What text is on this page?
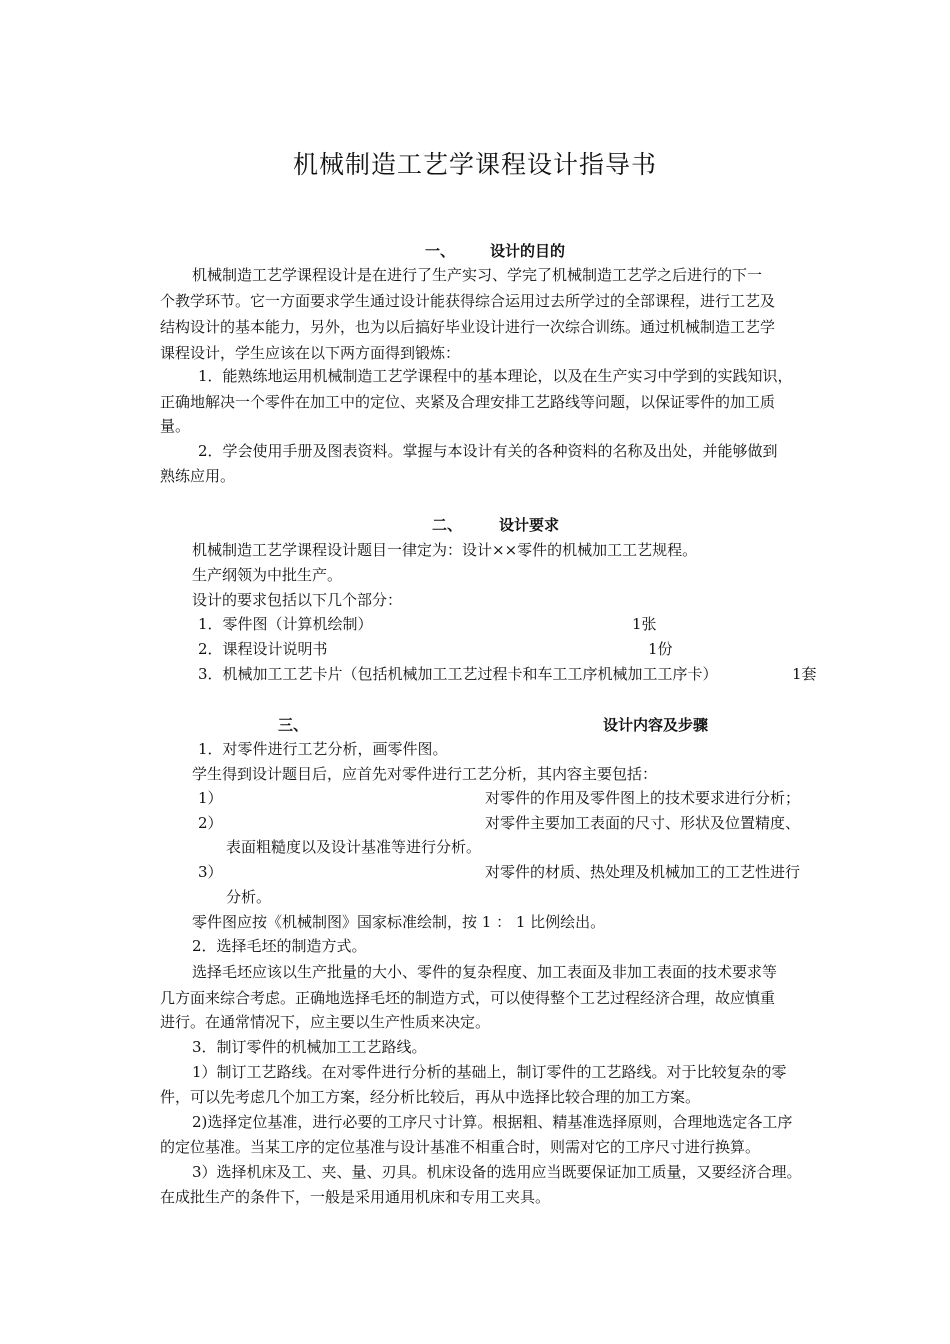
机械制造工艺学课程设计指导书
一、 设计的目的
机械制造工艺学课程设计是在进行了生产实习、学完了机械制造工艺学之后进行的下一
个教学环节。它一方面要求学生通过设计能获得综合运用过去所学过的全部课程，进行工艺及
结构设计的基本能力，另外，也为以后搞好毕业设计进行一次综合训练。通过机械制造工艺学
课程设计，学生应该在以下两方面得到锻炼：
1．能熟练地运用机械制造工艺学课程中的基本理论，以及在生产实习中学到的实践知识，
正确地解决一个零件在加工中的定位、夹紧及合理安排工艺路线等问题，以保证零件的加工质
量。
2．学会使用手册及图表资料。掌握与本设计有关的各种资料的名称及出处，并能够做到
熟练应用。
二、 设计要求
机械制造工艺学课程设计题目一律定为：设计××零件的机械加工工艺规程。
生产纲领为中批生产。
设计的要求包括以下几个部分：
1．零件图（计算机绘制）	1张
2．课程设计说明书	1份
3．机械加工工艺卡片（包括机械加工工艺过程卡和车工工序机械加工工序卡）	1套
三、	设计内容及步骤
1．对零件进行工艺分析，画零件图。
学生得到设计题目后，应首先对零件进行工艺分析，其内容主要包括：
1）	对零件的作用及零件图上的技术要求进行分析；
2）	对零件主要加工表面的尺寸、形状及位置精度、
表面粗糙度以及设计基准等进行分析。
3）	对零件的材质、热处理及机械加工的工艺性进行
分析。
零件图应按《机械制图》国家标准绘制，按 1 ： 1 比例绘出。
2．选择毛坯的制造方式。
选择毛坯应该以生产批量的大小、零件的复杂程度、加工表面及非加工表面的技术要求等
几方面来综合考虑。正确地选择毛坯的制造方式，可以使得整个工艺过程经济合理，故应慎重
进行。在通常情况下，应主要以生产性质来决定。
3．制订零件的机械加工工艺路线。
1）制订工艺路线。在对零件进行分析的基础上，制订零件的工艺路线。对于比较复杂的零
件，可以先考虑几个加工方案，经分析比较后，再从中选择比较合理的加工方案。
2)选择定位基准，进行必要的工序尺寸计算。根据粗、精基准选择原则，合理地选定各工序
的定位基准。当某工序的定位基准与设计基准不相重合时，则需对它的工序尺寸进行换算。
3）选择机床及工、夹、量、刃具。机床设备的选用应当既要保证加工质量，又要经济合理。
在成批生产的条件下，一般是采用通用机床和专用工夹具。
